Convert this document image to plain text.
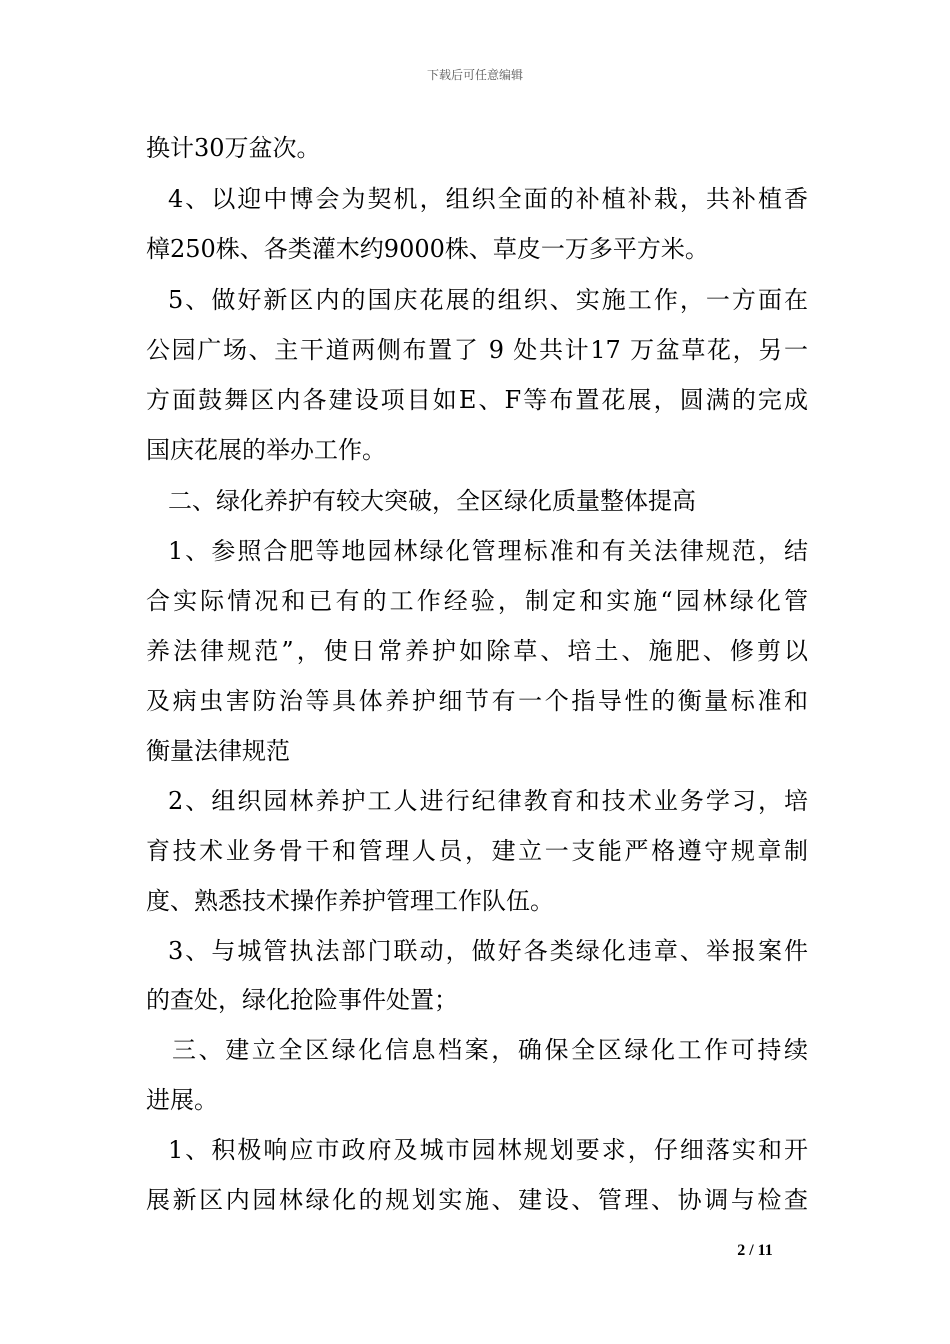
下载后可任意编辑
换计30万盆次。
4、以迎中博会为契机，组织全面的补植补栽，共补植香
樟250株、各类灌木约9000株、草皮一万多平方米。
5、做好新区内的国庆花展的组织、实施工作，一方面在
公园广场、主干道两侧布置了 9 处共计17 万盆草花，另一
方面鼓舞区内各建设项目如E、F等布置花展，圆满的完成
国庆花展的举办工作。
二、绿化养护有较大突破，全区绿化质量整体提高
1、参照合肥等地园林绿化管理标准和有关法律规范，结
合实际情况和已有的工作经验，制定和实施“园林绿化管
养法律规范”，使日常养护如除草、培土、施肥、修剪以
及病虫害防治等具体养护细节有一个指导性的衡量标准和
衡量法律规范
2、组织园林养护工人进行纪律教育和技术业务学习，培
育技术业务骨干和管理人员，建立一支能严格遵守规章制
度、熟悉技术操作养护管理工作队伍。
3、与城管执法部门联动，做好各类绿化违章、举报案件
的查处，绿化抢险事件处置；
三、建立全区绿化信息档案，确保全区绿化工作可持续
进展。
1、积极响应市政府及城市园林规划要求，仔细落实和开
展新区内园林绿化的规划实施、建设、管理、协调与检查
2 / 11
